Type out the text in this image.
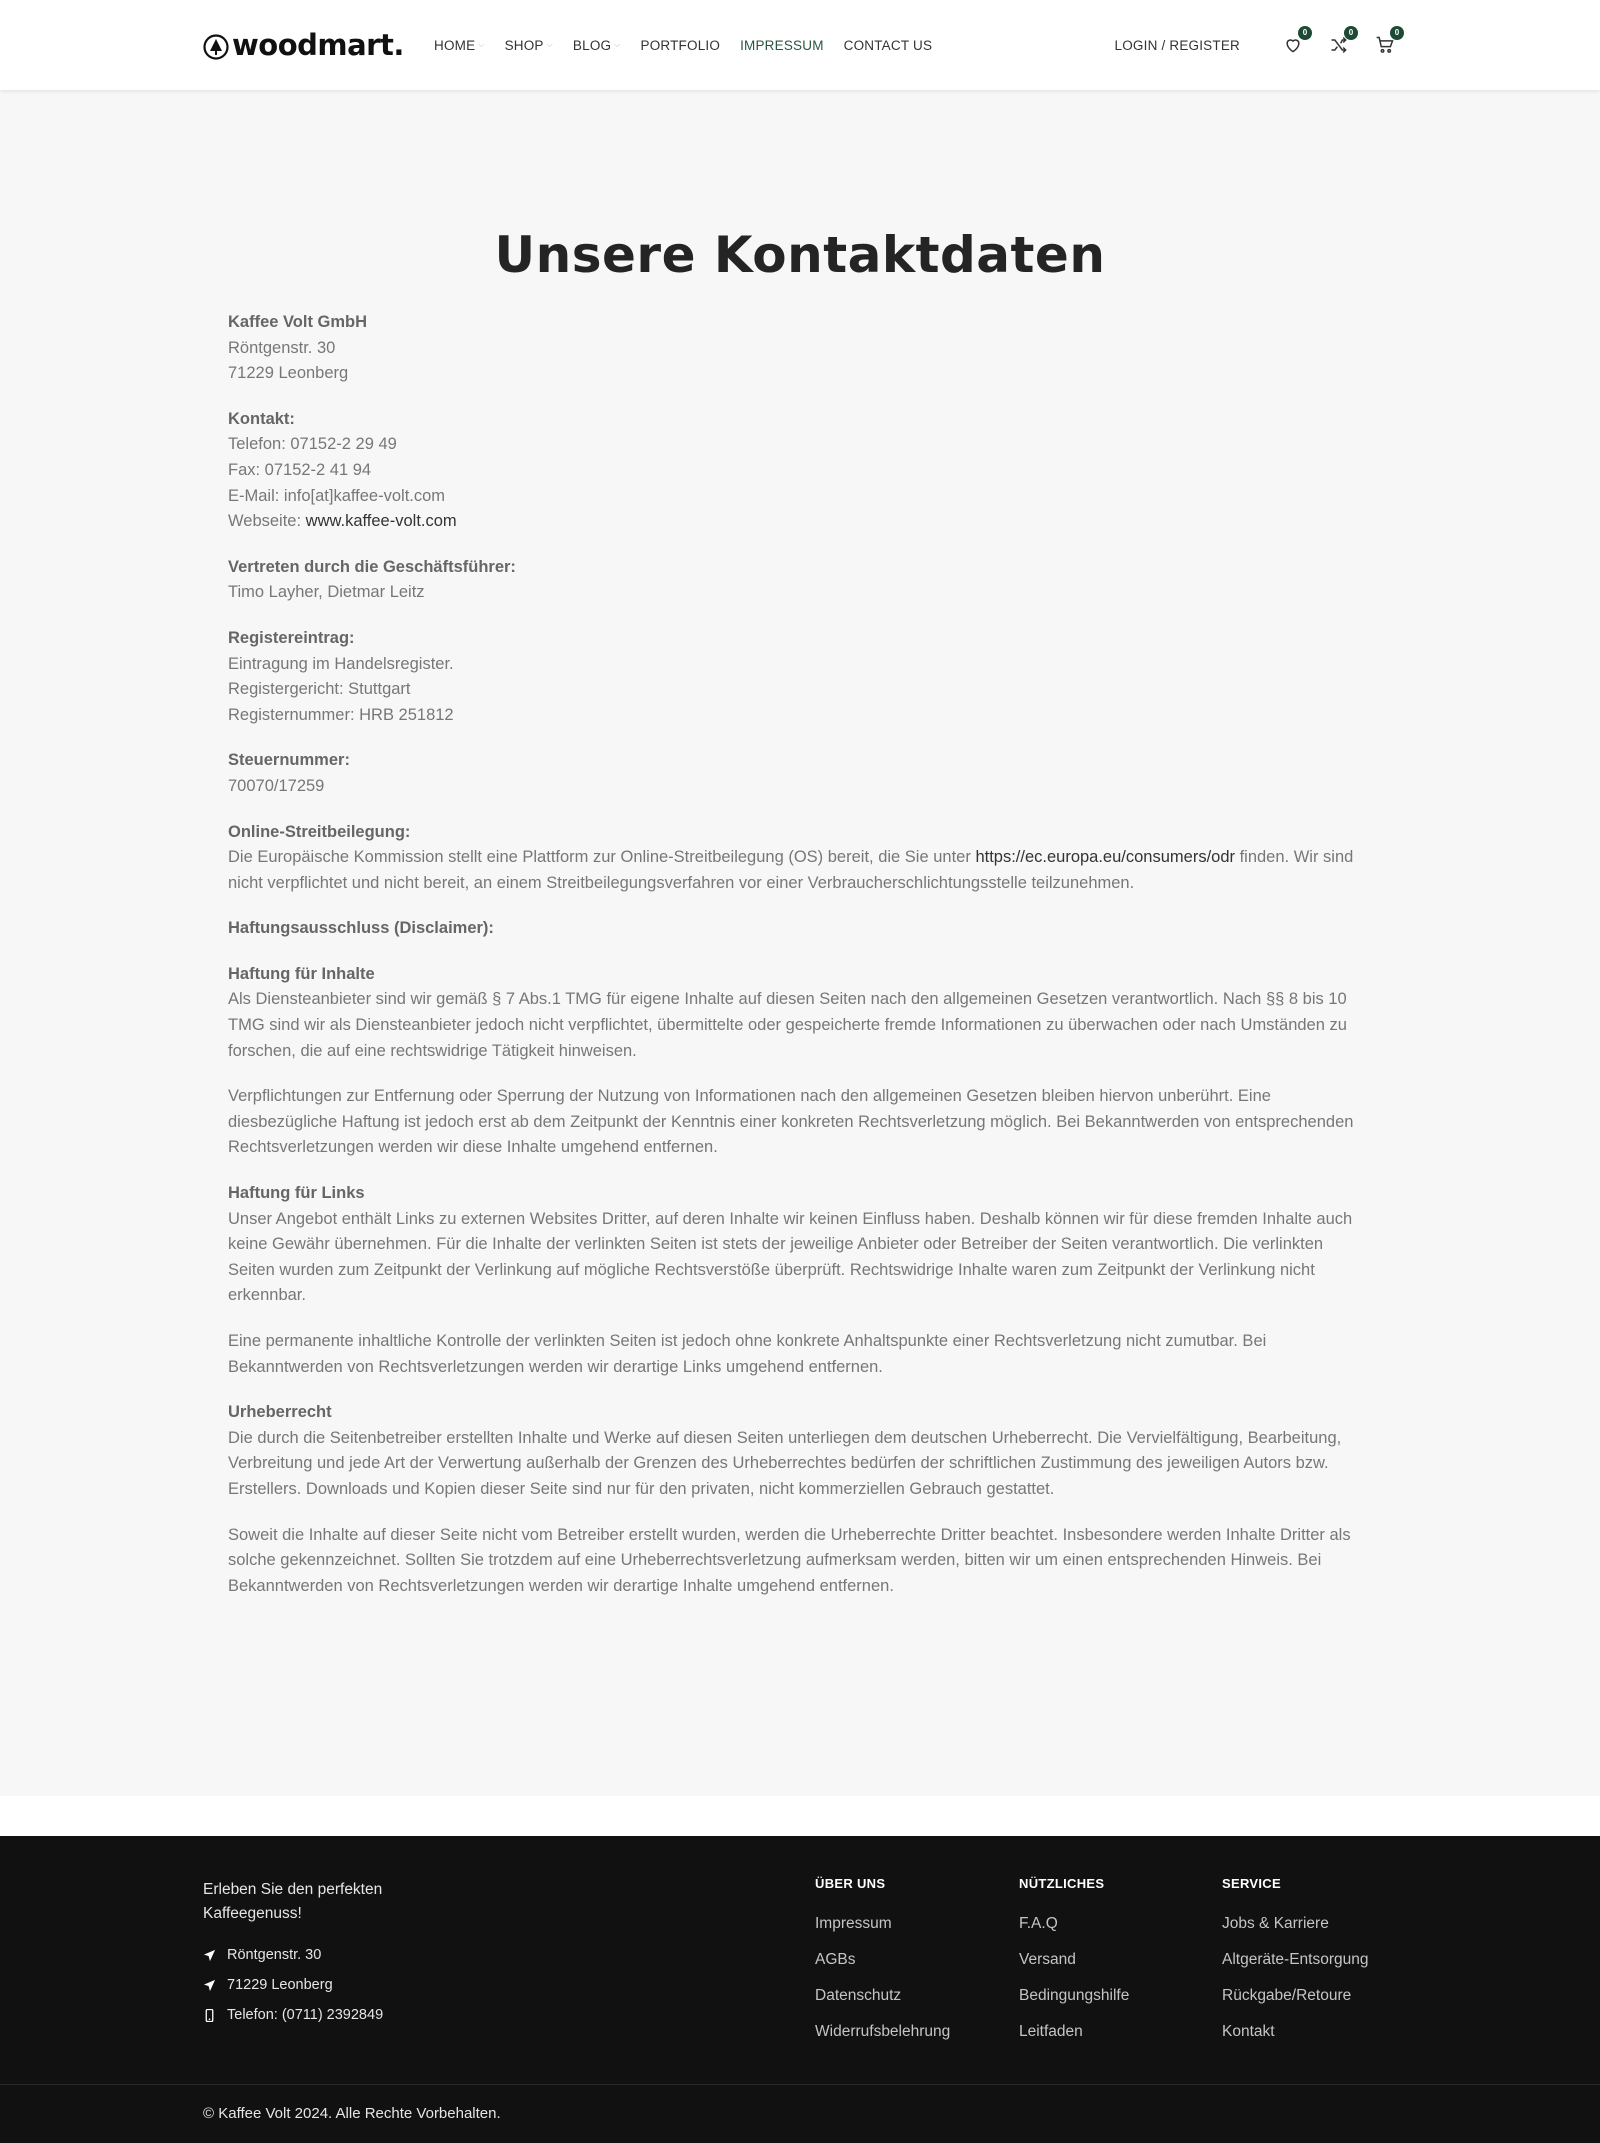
woodmart. HOME ⌵ SHOP ⌵ BLOG ⌵ PORTFOLIO IMPRESSUM CONTACT US	LOGIN / REGISTER
0	0	0
Unsere Kontaktdaten

Kaffee Volt GmbH
Röntgenstr. 30
71229 Leonberg

Kontakt:
Telefon: 07152-2 29 49
Fax: 07152-2 41 94
E-Mail: info[at]kaffee-volt.com
Webseite: www.kaffee-volt.com

Vertreten durch die Geschäftsführer:
Timo Layher, Dietmar Leitz

Registereintrag:
Eintragung im Handelsregister.
Registergericht: Stuttgart
Registernummer: HRB 251812

Steuernummer:
70070/17259

Online-Streitbeilegung:
Die Europäische Kommission stellt eine Plattform zur Online-Streitbeilegung (OS) bereit, die Sie unter https://ec.europa.eu/consumers/odr finden. Wir sind nicht verpflichtet und nicht bereit, an einem Streitbeilegungsverfahren vor einer Verbraucherschlichtungsstelle teilzunehmen.

Haftungsausschluss (Disclaimer):

Haftung für Inhalte
Als Diensteanbieter sind wir gemäß § 7 Abs.1 TMG für eigene Inhalte auf diesen Seiten nach den allgemeinen Gesetzen verantwortlich. Nach §§ 8 bis 10 TMG sind wir als Diensteanbieter jedoch nicht verpflichtet, übermittelte oder gespeicherte fremde Informationen zu überwachen oder nach Umständen zu forschen, die auf eine rechtswidrige Tätigkeit hinweisen.

Verpflichtungen zur Entfernung oder Sperrung der Nutzung von Informationen nach den allgemeinen Gesetzen bleiben hiervon unberührt. Eine diesbezügliche Haftung ist jedoch erst ab dem Zeitpunkt der Kenntnis einer konkreten Rechtsverletzung möglich. Bei Bekanntwerden von entsprechenden Rechtsverletzungen werden wir diese Inhalte umgehend entfernen.

Haftung für Links
Unser Angebot enthält Links zu externen Websites Dritter, auf deren Inhalte wir keinen Einfluss haben. Deshalb können wir für diese fremden Inhalte auch keine Gewähr übernehmen. Für die Inhalte der verlinkten Seiten ist stets der jeweilige Anbieter oder Betreiber der Seiten verantwortlich. Die verlinkten Seiten wurden zum Zeitpunkt der Verlinkung auf mögliche Rechtsverstöße überprüft. Rechtswidrige Inhalte waren zum Zeitpunkt der Verlinkung nicht erkennbar.

Eine permanente inhaltliche Kontrolle der verlinkten Seiten ist jedoch ohne konkrete Anhaltspunkte einer Rechtsverletzung nicht zumutbar. Bei Bekanntwerden von Rechtsverletzungen werden wir derartige Links umgehend entfernen.

Urheberrecht
Die durch die Seitenbetreiber erstellten Inhalte und Werke auf diesen Seiten unterliegen dem deutschen Urheberrecht. Die Vervielfältigung, Bearbeitung, Verbreitung und jede Art der Verwertung außerhalb der Grenzen des Urheberrechtes bedürfen der schriftlichen Zustimmung des jeweiligen Autors bzw. Erstellers. Downloads und Kopien dieser Seite sind nur für den privaten, nicht kommerziellen Gebrauch gestattet.

Soweit die Inhalte auf dieser Seite nicht vom Betreiber erstellt wurden, werden die Urheberrechte Dritter beachtet. Insbesondere werden Inhalte Dritter als solche gekennzeichnet. Sollten Sie trotzdem auf eine Urheberrechtsverletzung aufmerksam werden, bitten wir um einen entsprechenden Hinweis. Bei Bekanntwerden von Rechtsverletzungen werden wir derartige Inhalte umgehend entfernen.

Erleben Sie den perfekten Kaffeegenuss!
Röntgenstr. 30
71229 Leonberg
Telefon: (0711) 2392849
ÜBER UNS
Impressum
AGBs
Datenschutz
Widerrufsbelehrung
NÜTZLICHES
F.A.Q
Versand
Bedingungshilfe
Leitfaden
SERVICE
Jobs & Karriere
Altgeräte-Entsorgung
Rückgabe/Retoure
Kontakt
© Kaffee Volt 2024. Alle Rechte Vorbehalten.
